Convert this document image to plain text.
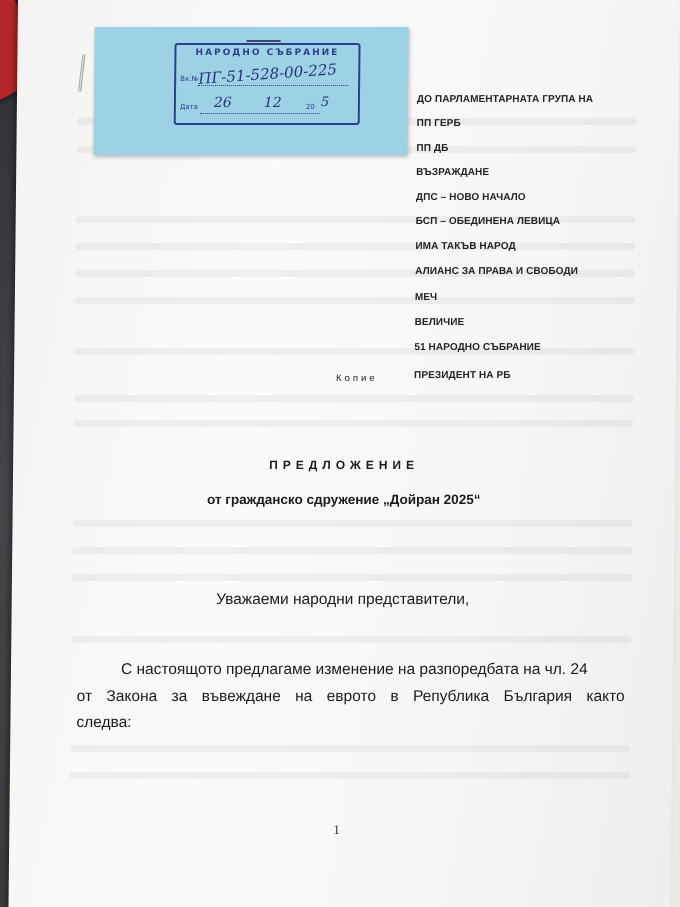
НАРОДНО СЪБРАНИЕ
Вх.№ ПГ-51-528-00-225
Дата 26 12	20 5	ДО ПАРЛАМЕНТАРНАТА ГРУПА НА
ПП ГЕРБ
ПП ДБ
ВЪЗРАЖДАНЕ
ДПС – НОВО НАЧАЛО
БСП – ОБЕДИНЕНА ЛЕВИЦА
ИМА ТАКЪВ НАРОД
АЛИАНС ЗА ПРАВА И СВОБОДИ
МЕЧ
ВЕЛИЧИЕ
51 НАРОДНО СЪБРАНИЕ
ПРЕЗИДЕНТ НА РБ
Копие
ПРЕДЛОЖЕНИЕ
от гражданско сдружение „Дойран 2025“
Уважаеми народни представители,
С настоящото предлагаме изменение на разпоредбата на чл. 24
от Закона за въвеждане на еврото в Република България както
следва:
1
